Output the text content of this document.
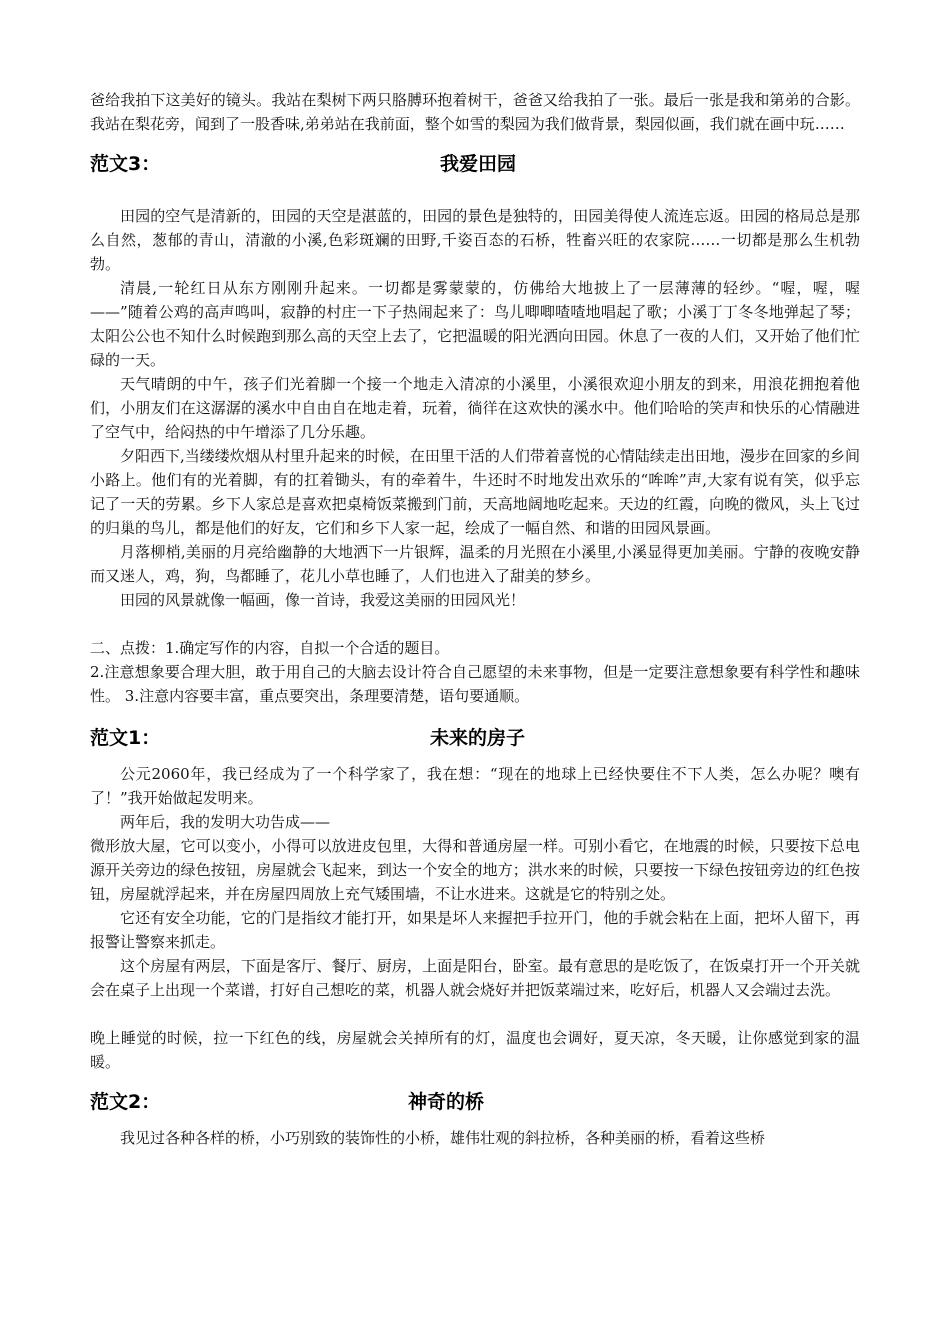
爸给我拍下这美好的镜头。我站在梨树下两只胳膊环抱着树干，爸爸又给我拍了一张。最后一张是我和第弟的合影。我站在梨花旁，闻到了一股香味,弟弟站在我前面，整个如雪的梨园为我们做背景，梨园似画，我们就在画中玩……

范文3：	我爱田园

田园的空气是清新的，田园的天空是湛蓝的，田园的景色是独特的，田园美得使人流连忘返。田园的格局总是那么自然，葱郁的青山，清澈的小溪,色彩斑斓的田野,千姿百态的石桥，牲畜兴旺的农家院……一切都是那么生机勃勃。

清晨,一轮红日从东方刚刚升起来。一切都是雾蒙蒙的，仿佛给大地披上了一层薄薄的轻纱。“喔，喔，喔——”随着公鸡的高声鸣叫，寂静的村庄一下子热闹起来了：鸟儿唧唧喳喳地唱起了歌；小溪丁丁冬冬地弹起了琴；太阳公公也不知什么时候跑到那么高的天空上去了，它把温暖的阳光洒向田园。休息了一夜的人们，又开始了他们忙碌的一天。

天气晴朗的中午，孩子们光着脚一个接一个地走入清凉的小溪里，小溪很欢迎小朋友的到来，用浪花拥抱着他们，小朋友们在这潺潺的溪水中自由自在地走着，玩着，徜徉在这欢快的溪水中。他们哈哈的笑声和快乐的心情融进了空气中，给闷热的中午增添了几分乐趣。

夕阳西下,当缕缕炊烟从村里升起来的时候，在田里干活的人们带着喜悦的心情陆续走出田地，漫步在回家的乡间小路上。他们有的光着脚，有的扛着锄头，有的牵着牛，牛还时不时地发出欢乐的“哞哞”声,大家有说有笑，似乎忘记了一天的劳累。乡下人家总是喜欢把桌椅饭菜搬到门前，天高地阔地吃起来。天边的红霞，向晚的微风，头上飞过的归巢的鸟儿，都是他们的好友，它们和乡下人家一起，绘成了一幅自然、和谐的田园风景画。

月落柳梢,美丽的月亮给幽静的大地洒下一片银辉，温柔的月光照在小溪里,小溪显得更加美丽。宁静的夜晚安静而又迷人，鸡，狗，鸟都睡了，花儿小草也睡了，人们也进入了甜美的梦乡。

田园的风景就像一幅画，像一首诗，我爱这美丽的田园风光！

二、点拨：1.确定写作的内容，自拟一个合适的题目。

2.注意想象要合理大胆，敢于用自己的大脑去设计符合自己愿望的未来事物，但是一定要注意想象要有科学性和趣味性。 3.注意内容要丰富，重点要突出，条理要清楚，语句要通顺。

范文1：	未来的房子

公元2060年，我已经成为了一个科学家了，我在想：“现在的地球上已经快要住不下人类，怎么办呢？噢有了！”我开始做起发明来。

两年后，我的发明大功告成——

微形放大屋，它可以变小，小得可以放进皮包里，大得和普通房屋一样。可别小看它，在地震的时候，只要按下总电源开关旁边的绿色按钮，房屋就会飞起来，到达一个安全的地方；洪水来的时候，只要按一下绿色按钮旁边的红色按钮，房屋就浮起来，并在房屋四周放上充气矮围墙，不让水进来。这就是它的特别之处。

它还有安全功能，它的门是指纹才能打开，如果是坏人来握把手拉开门，他的手就会粘在上面，把坏人留下，再报警让警察来抓走。

这个房屋有两层，下面是客厅、餐厅、厨房，上面是阳台，卧室。最有意思的是吃饭了，在饭桌打开一个开关就会在桌子上出现一个菜谱，打好自己想吃的菜，机器人就会烧好并把饭菜端过来，吃好后，机器人又会端过去洗。

晚上睡觉的时候，拉一下红色的线，房屋就会关掉所有的灯，温度也会调好，夏天凉，冬天暖，让你感觉到家的温暖。

范文2：	神奇的桥

我见过各种各样的桥，小巧别致的装饰性的小桥，雄伟壮观的斜拉桥，各种美丽的桥，看着这些桥
